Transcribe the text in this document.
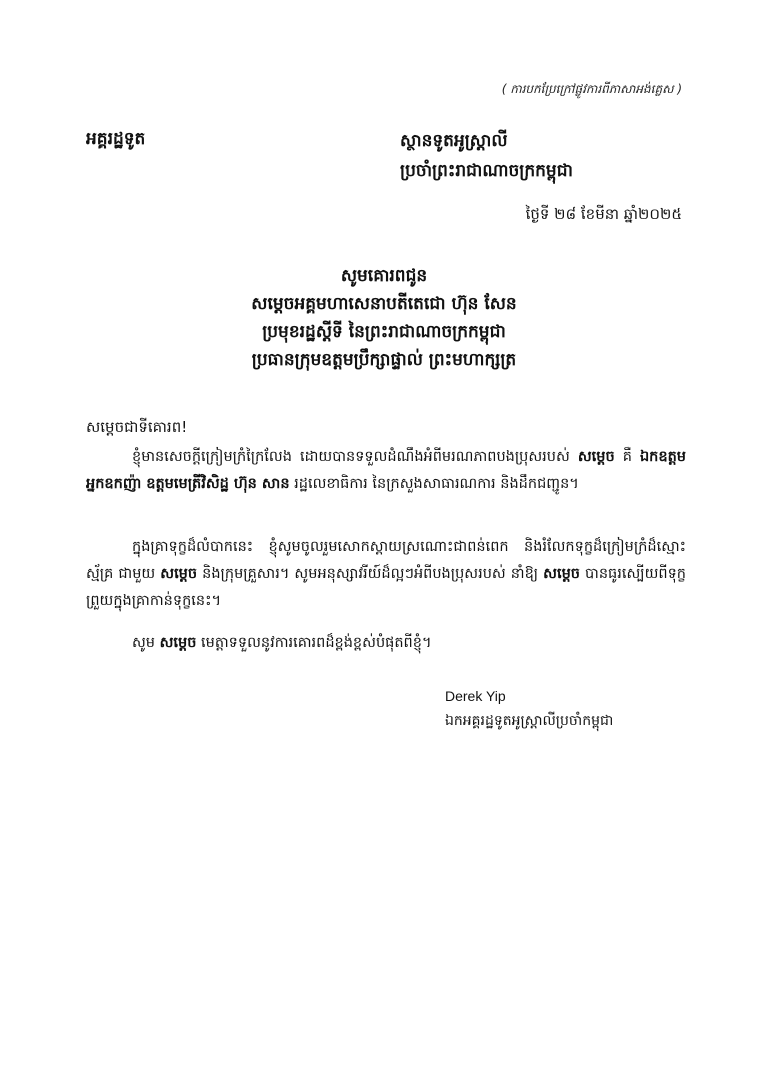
( ការបកប្រែក្រៅផ្លូវការពីភាសាអង់គ្លេស )
អគ្គរដ្ឋទូត	ស្ថានទូតអូស្ត្រាលី
ប្រចាំព្រះរាជាណាចក្រកម្ពុជា
ថ្ងៃទី ២៨ ខែមីនា ឆ្នាំ២០២៥
សូមគោរពជូន
សម្តេចអគ្គមហាសេនាបតីតេជោ ហ៊ុន សែន
ប្រមុខរដ្ឋស្តីទី នៃព្រះរាជាណាចក្រកម្ពុជា
ប្រធានក្រុមឧត្តមប្រឹក្សាផ្ទាល់ ព្រះមហាក្សត្រ
សម្តេចជាទីគោរព!
ខ្ញុំមានសេចក្តីក្រៀមក្រំក្រៃលែង ដោយបានទទួលដំណឹងអំពីមរណភាពបងប្រុសរបស់ សម្តេច គឺ ឯកឧត្តម អ្នកឧកញ៉ា ឧត្តមមេត្រីវិសិដ្ឋ ហ៊ុន សាន រដ្ឋលេខាធិការ នៃក្រសួងសាធារណការ និងដឹកជញ្ជូន។
ក្នុងគ្រាទុក្ខដ៏លំបាកនេះ ខ្ញុំសូមចូលរួមសោកស្តាយស្រណោះជាពន់ពេក និងរំលែកទុក្ខដ៏ក្រៀមក្រំដ៏ស្មោះស្ម័គ្រ ជាមួយ សម្តេច និងក្រុមគ្រួសារ។ សូមអនុស្សាវរីយ៍ដ៏ល្អៗអំពីបងប្រុសរបស់ នាំឱ្យ សម្តេច បានធូរស្បើយពីទុក្ខព្រួយក្នុងគ្រាកាន់ទុក្ខនេះ។
សូម សម្តេច មេត្តាទទួលនូវការគោរពដ៏ខ្ពង់ខ្ពស់បំផុតពីខ្ញុំ។
Derek Yip
ឯកអគ្គរដ្ឋទូតអូស្ត្រាលីប្រចាំកម្ពុជា
